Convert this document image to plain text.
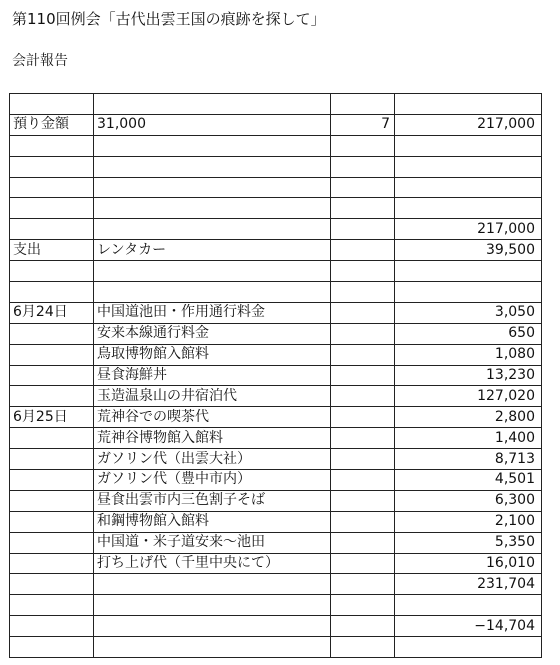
第110回例会「古代出雲王国の痕跡を探して」
会計報告

預り金額	31,000	7	217,000

			217,000
支出	レンタカー		39,500

6月24日	中国道池田・作用通行料金		3,050
	安来本線通行料金		650
	鳥取博物館入館料		1,080
	昼食海鮮丼		13,230
	玉造温泉山の井宿泊代		127,020
6月25日	荒神谷での喫茶代		2,800
	荒神谷博物館入館料		1,400
	ガソリン代（出雲大社）		8,713
	ガソリン代（豊中市内）		4,501
	昼食出雲市内三色割子そば		6,300
	和鋼博物館入館料		2,100
	中国道・米子道安来～池田		5,350
	打ち上げ代（千里中央にて）		16,010
			231,704

			−14,704
